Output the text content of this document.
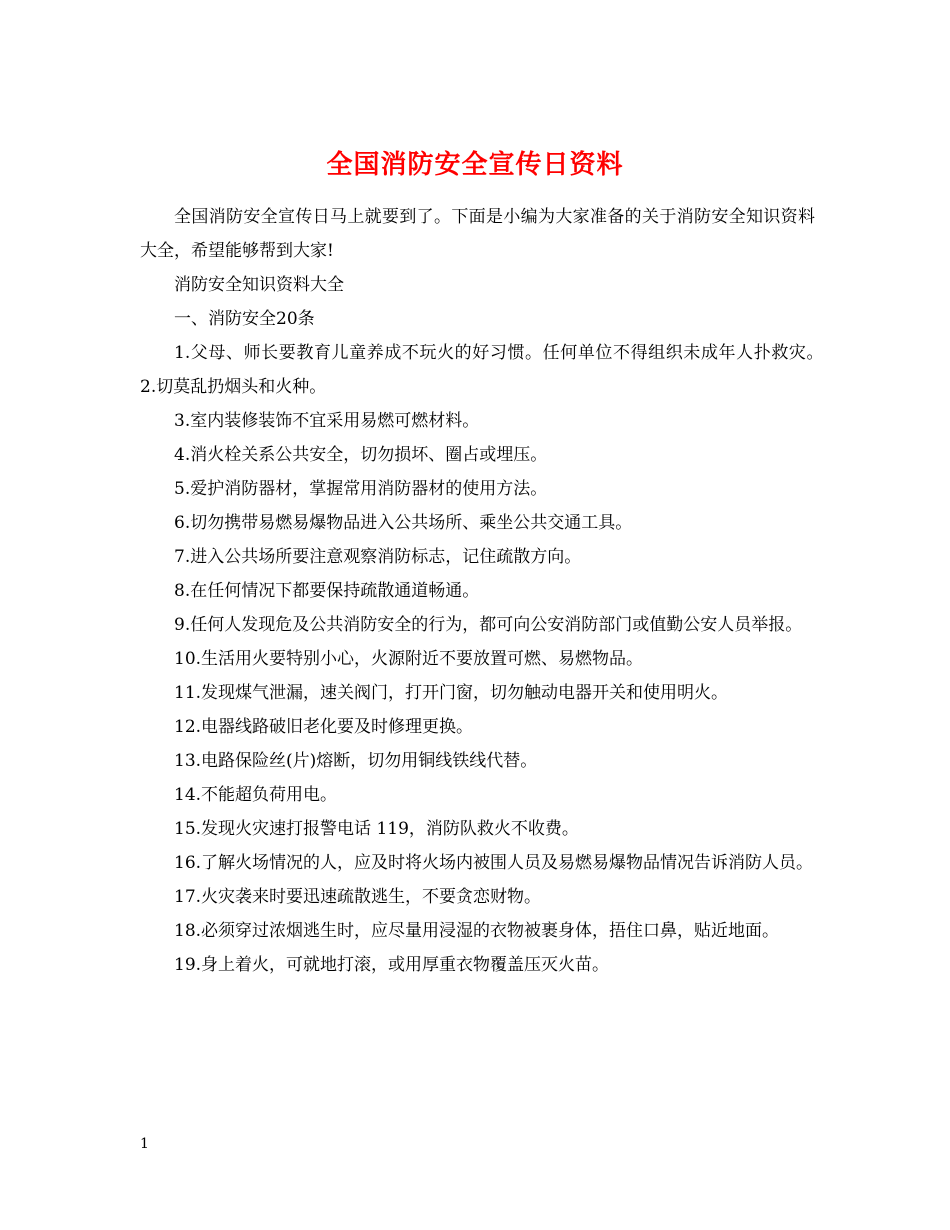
全国消防安全宣传日资料

全国消防安全宣传日马上就要到了。下面是小编为大家准备的关于消防安全知识资料大全，希望能够帮到大家!

消防安全知识资料大全

一、消防安全20条

1.父母、师长要教育儿童养成不玩火的好习惯。任何单位不得组织未成年人扑救灾。　　2.切莫乱扔烟头和火种。

3.室内装修装饰不宜采用易燃可燃材料。

4.消火栓关系公共安全，切勿损坏、圈占或埋压。

5.爱护消防器材，掌握常用消防器材的使用方法。

6.切勿携带易燃易爆物品进入公共场所、乘坐公共交通工具。

7.进入公共场所要注意观察消防标志，记住疏散方向。

8.在任何情况下都要保持疏散通道畅通。

9.任何人发现危及公共消防安全的行为，都可向公安消防部门或值勤公安人员举报。

10.生活用火要特别小心，火源附近不要放置可燃、易燃物品。

11.发现煤气泄漏，速关阀门，打开门窗，切勿触动电器开关和使用明火。

12.电器线路破旧老化要及时修理更换。

13.电路保险丝(片)熔断，切勿用铜线铁线代替。

14.不能超负荷用电。

15.发现火灾速打报警电话 119，消防队救火不收费。

16.了解火场情况的人，应及时将火场内被围人员及易燃易爆物品情况告诉消防人员。

17.火灾袭来时要迅速疏散逃生，不要贪恋财物。

18.必须穿过浓烟逃生时，应尽量用浸湿的衣物被裹身体，捂住口鼻，贴近地面。

19.身上着火，可就地打滚，或用厚重衣物覆盖压灭火苗。

1
